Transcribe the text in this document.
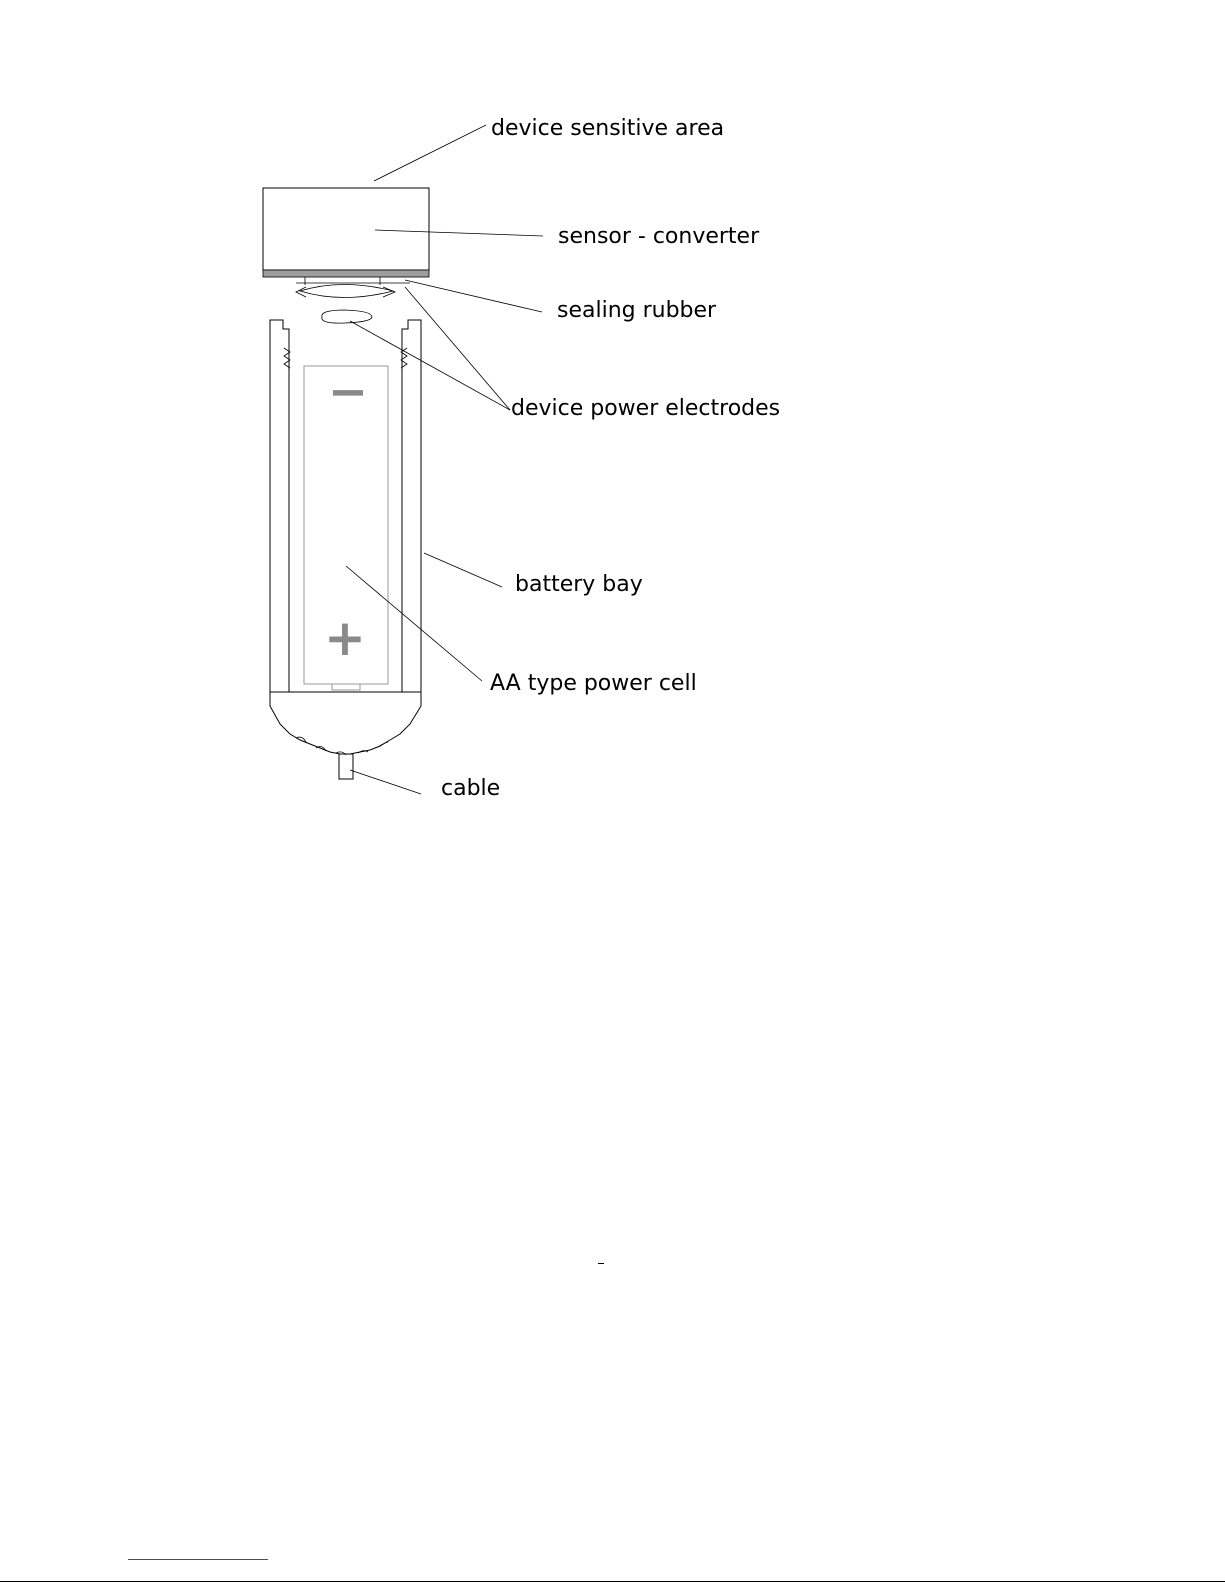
−
+
device sensitive area
sensor - converter
sealing rubber
device power electrodes
battery bay
AA type power cell
cable
